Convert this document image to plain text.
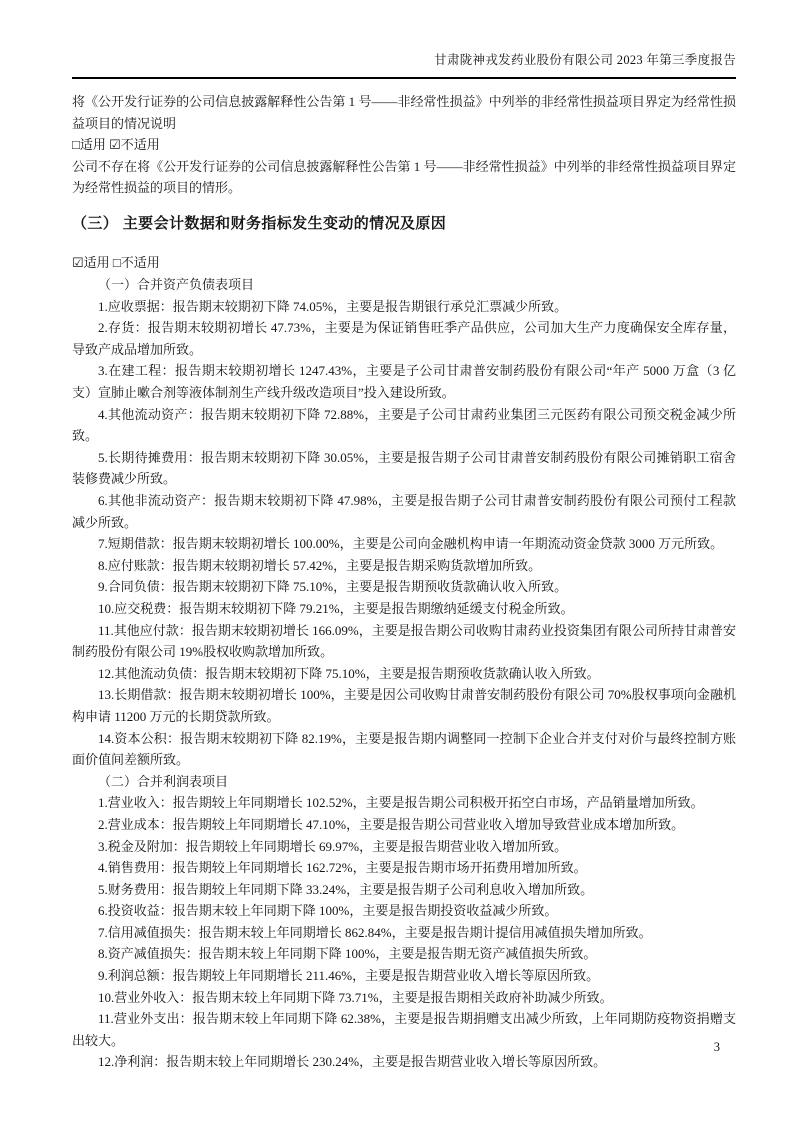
甘肃陇神戎发药业股份有限公司 2023 年第三季度报告

将《公开发行证券的公司信息披露解释性公告第 1 号——非经常性损益》中列举的非经常性损益项目界定为经常性损益项目的情况说明

□适用 ☑不适用

公司不存在将《公开发行证券的公司信息披露解释性公告第 1 号——非经常性损益》中列举的非经常性损益项目界定为经常性损益的项目的情形。

（三） 主要会计数据和财务指标发生变动的情况及原因

☑适用 □不适用

（一）合并资产负债表项目

1.应收票据：报告期末较期初下降 74.05%，主要是报告期银行承兑汇票减少所致。

2.存货：报告期末较期初增长 47.73%，主要是为保证销售旺季产品供应，公司加大生产力度确保安全库存量，导致产成品增加所致。

3.在建工程：报告期末较期初增长 1247.43%，主要是子公司甘肃普安制药股份有限公司“年产 5000 万盒（3 亿支）宣肺止嗽合剂等液体制剂生产线升级改造项目”投入建设所致。

4.其他流动资产：报告期末较期初下降 72.88%，主要是子公司甘肃药业集团三元医药有限公司预交税金减少所致。

5.长期待摊费用：报告期末较期初下降 30.05%，主要是报告期子公司甘肃普安制药股份有限公司摊销职工宿舍装修费减少所致。

6.其他非流动资产：报告期末较期初下降 47.98%，主要是报告期子公司甘肃普安制药股份有限公司预付工程款减少所致。

7.短期借款：报告期末较期初增长 100.00%，主要是公司向金融机构申请一年期流动资金贷款 3000 万元所致。

8.应付账款：报告期末较期初增长 57.42%，主要是报告期采购货款增加所致。

9.合同负债：报告期末较期初下降 75.10%，主要是报告期预收货款确认收入所致。

10.应交税费：报告期末较期初下降 79.21%，主要是报告期缴纳延缓支付税金所致。

11.其他应付款：报告期末较期初增长 166.09%，主要是报告期公司收购甘肃药业投资集团有限公司所持甘肃普安制药股份有限公司 19%股权收购款增加所致。

12.其他流动负债：报告期末较期初下降 75.10%，主要是报告期预收货款确认收入所致。

13.长期借款：报告期末较期初增长 100%，主要是因公司收购甘肃普安制药股份有限公司 70%股权事项向金融机构申请 11200 万元的长期贷款所致。

14.资本公积：报告期末较期初下降 82.19%，主要是报告期内调整同一控制下企业合并支付对价与最终控制方账面价值间差额所致。

（二）合并利润表项目

1.营业收入：报告期较上年同期增长 102.52%，主要是报告期公司积极开拓空白市场，产品销量增加所致。

2.营业成本：报告期较上年同期增长 47.10%，主要是报告期公司营业收入增加导致营业成本增加所致。

3.税金及附加：报告期较上年同期增长 69.97%，主要是报告期营业收入增加所致。

4.销售费用：报告期较上年同期增长 162.72%，主要是报告期市场开拓费用增加所致。

5.财务费用：报告期较上年同期下降 33.24%，主要是报告期子公司利息收入增加所致。

6.投资收益：报告期末较上年同期下降 100%，主要是报告期投资收益减少所致。

7.信用减值损失：报告期末较上年同期增长 862.84%，主要是报告期计提信用减值损失增加所致。

8.资产减值损失：报告期末较上年同期下降 100%，主要是报告期无资产减值损失所致。

9.利润总额：报告期较上年同期增长 211.46%，主要是报告期营业收入增长等原因所致。

10.营业外收入：报告期末较上年同期下降 73.71%，主要是报告期相关政府补助减少所致。

11.营业外支出：报告期末较上年同期下降 62.38%，主要是报告期捐赠支出减少所致，上年同期防疫物资捐赠支出较大。

12.净利润：报告期末较上年同期增长 230.24%，主要是报告期营业收入增长等原因所致。

3
